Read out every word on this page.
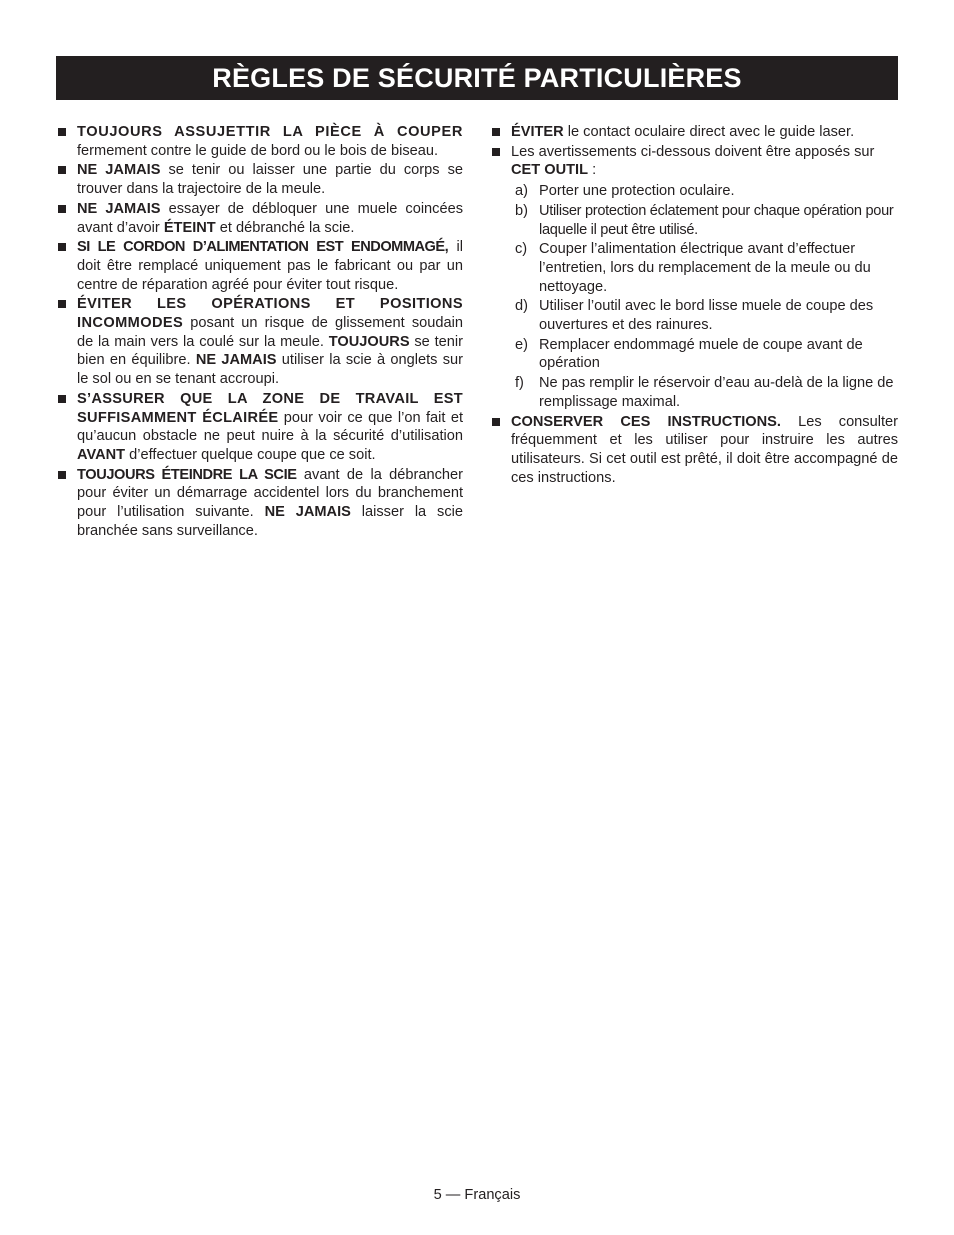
RÈGLES DE SÉCURITÉ PARTICULIÈRES
TOUJOURS ASSUJETTIR LA PIÈCE À COUPER fermement contre le guide de bord ou le bois de biseau.
NE JAMAIS se tenir ou laisser une partie du corps se trouver dans la trajectoire de la meule.
NE JAMAIS essayer de débloquer une muele coincées avant d’avoir ÉTEINT et débranché la scie.
SI LE CORDON D’ALIMENTATION EST ENDOMMAGÉ, il doit être remplacé uniquement pas le fabricant ou par un centre de réparation agréé pour éviter tout risque.
ÉVITER LES OPÉRATIONS ET POSITIONS INCOMMODES posant un risque de glissement soudain de la main vers la coulé sur la meule. TOUJOURS se tenir bien en équilibre. NE JAMAIS utiliser la scie à onglets sur le sol ou en se tenant accroupi.
S’ASSURER QUE LA ZONE DE TRAVAIL EST SUFFISAMMENT ÉCLAIRÉE pour voir ce que l’on fait et qu’aucun obstacle ne peut nuire à la sécurité d’utilisation AVANT d’effectuer quelque coupe que ce soit.
TOUJOURS ÉTEINDRE LA SCIE avant de la débrancher pour éviter un démarrage accidentel lors du branchement pour l’utilisation suivante. NE JAMAIS laisser la scie branchée sans surveillance.
ÉVITER le contact oculaire direct avec le guide laser.
Les avertissements ci-dessous doivent être apposés sur CET OUTIL :
a) Porter une protection oculaire.
b) Utiliser protection éclatement pour chaque opération pour laquelle il peut être utilisé.
c) Couper l’alimentation électrique avant d’effectuer l’entretien, lors du remplacement de la meule ou du nettoyage.
d) Utiliser l’outil avec le bord lisse muele de coupe des ouvertures et des rainures.
e) Remplacer endommagé muele de coupe avant de opération
f) Ne pas remplir le réservoir d’eau au-delà de la ligne de remplissage maximal.
CONSERVER CES INSTRUCTIONS. Les consulter fréquemment et les utiliser pour instruire les autres utilisateurs. Si cet outil est prêté, il doit être accompagné de ces instructions.
5 — Français
